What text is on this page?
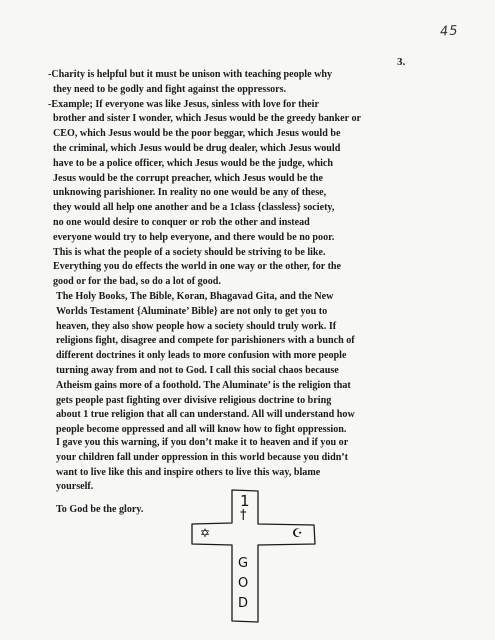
45
3.
-Charity is helpful but it must be unison with teaching people why
they need to be godly and fight against the oppressors.
-Example; If everyone was like Jesus, sinless with love for their
brother and sister I wonder, which Jesus would be the greedy banker or
CEO, which Jesus would be the poor beggar, which Jesus would be
the criminal, which Jesus would be drug dealer, which Jesus would
have to be a police officer, which Jesus would be the judge, which
Jesus would be the corrupt preacher, which Jesus would be the
unknowing parishioner. In reality no one would be any of these,
they would all help one another and be a 1class {classless} society,
no one would desire to conquer or rob the other and instead
everyone would try to help everyone, and there would be no poor.
This is what the people of a society should be striving to be like.
Everything you do effects the world in one way or the other, for the
good or for the bad, so do a lot of good.
The Holy Books, The Bible, Koran, Bhagavad Gita, and the New
Worlds Testament {Aluminate’ Bible} are not only to get you to
heaven, they also show people how a society should truly work. If
religions fight, disagree and compete for parishioners with a bunch of
different doctrines it only leads to more confusion with more people
turning away from and not to God. I call this social chaos because
Atheism gains more of a foothold. The Aluminate’ is the religion that
gets people past fighting over divisive religious doctrine to bring
about 1 true religion that all can understand. All will understand how
people become oppressed and all will know how to fight oppression.
I gave you this warning, if you don’t make it to heaven and if you or
your children fall under oppression in this world because you didn’t
want to live like this and inspire others to live this way, blame
yourself.
To God be the glory.	1
†
✡	☪
G
O
D
